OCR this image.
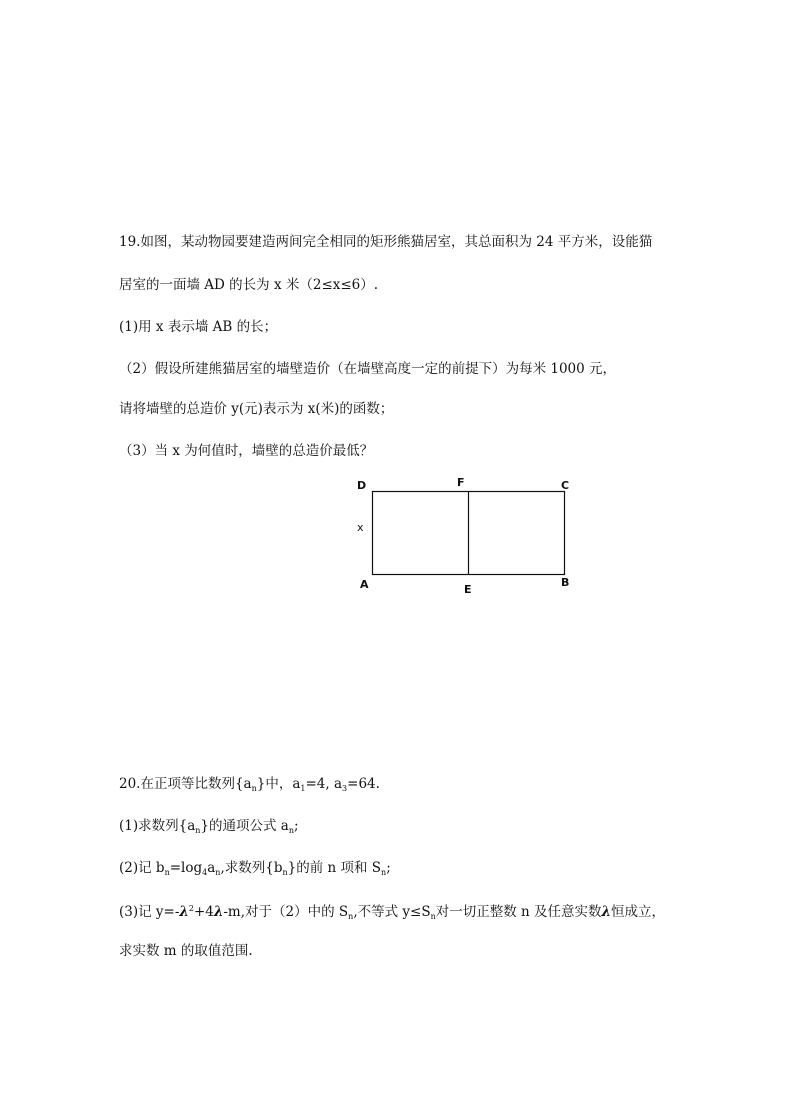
19.如图，某动物园要建造两间完全相同的矩形熊猫居室，其总面积为 24 平方米，设能猫
居室的一面墙 AD 的长为 x 米（2≤x≤6）.
(1)用 x 表示墙 AB 的长；
（2）假设所建熊猫居室的墙壁造价（在墙壁高度一定的前提下）为每米 1000 元，
请将墙壁的总造价 y(元)表示为 x(米)的函数；
（3）当 x 为何值时，墙壁的总造价最低？
D	F	C
x
A	E
B
20.在正项等比数列$\{a_n\}$中，$a_1=4$, $a_3=64$.
(1)求数列$\{a_n\}$的通项公式 $a_n$;
(2)记 $b_n=\log_4a_n$,求数列$\{b_n\}$的前 n 项和 $S_n$;
(3)记 $y=-\lambda^2+4\lambda-m$,对于（2）中的 $S_n$,不等式 $y\le S_n$对一切正整数 n 及任意实数λ恒成立，
求实数 m 的取值范围.
